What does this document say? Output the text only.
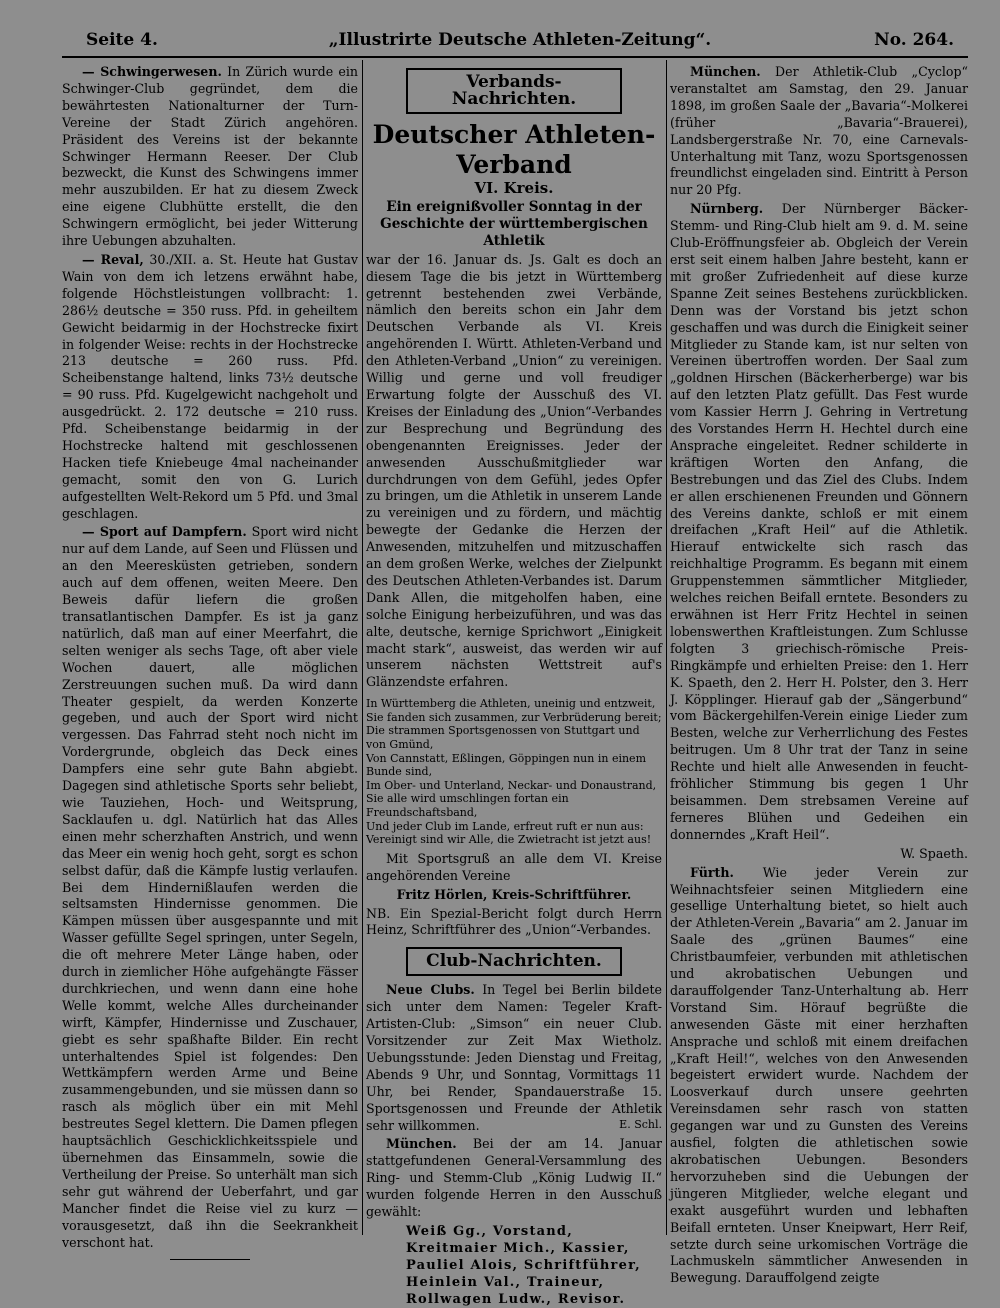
Seite 4.	„Illustrirte Deutsche Athleten-Zeitung“.	No. 264.

— Schwingerwesen. In Zürich wurde ein Schwinger-Club gegründet, dem die bewährtesten Nationalturner der Turn-Vereine der Stadt Zürich angehören. Präsident des Vereins ist der bekannte Schwinger Hermann Reeser. Der Club bezweckt, die Kunst des Schwingens immer mehr auszubilden. Er hat zu diesem Zweck eine eigene Clubhütte erstellt, die den Schwingern ermöglicht, bei jeder Witterung ihre Uebungen abzuhalten.

— Reval, 30./XII. a. St. Heute hat Gustav Wain von dem ich letzens erwähnt habe, folgende Höchstleistungen vollbracht: 1. 286½ deutsche = 350 russ. Pfd. in geheiltem Gewicht beidarmig in der Hochstrecke fixirt in folgender Weise: rechts in der Hochstrecke 213 deutsche = 260 russ. Pfd. Scheibenstange haltend, links 73½ deutsche = 90 russ. Pfd. Kugelgewicht nachgeholt und ausgedrückt. 2. 172 deutsche = 210 russ. Pfd. Scheibenstange beidarmig in der Hochstrecke haltend mit geschlossenen Hacken tiefe Kniebeuge 4mal nacheinander gemacht, somit den von G. Lurich aufgestellten Welt-Rekord um 5 Pfd. und 3mal geschlagen.

— Sport auf Dampfern. Sport wird nicht nur auf dem Lande, auf Seen und Flüssen und an den Meeresküsten getrieben, sondern auch auf dem offenen, weiten Meere. Den Beweis dafür liefern die großen transatlantischen Dampfer. Es ist ja ganz natürlich, daß man auf einer Meerfahrt, die selten weniger als sechs Tage, oft aber viele Wochen dauert, alle möglichen Zerstreuungen suchen muß. Da wird dann Theater gespielt, da werden Konzerte gegeben, und auch der Sport wird nicht vergessen. Das Fahrrad steht noch nicht im Vordergrunde, obgleich das Deck eines Dampfers eine sehr gute Bahn abgiebt. Dagegen sind athletische Sports sehr beliebt, wie Tauziehen, Hoch- und Weitsprung, Sacklaufen u. dgl. Natürlich hat das Alles einen mehr scherzhaften Anstrich, und wenn das Meer ein wenig hoch geht, sorgt es schon selbst dafür, daß die Kämpfe lustig verlaufen. Bei dem Hindernißlaufen werden die seltsamsten Hindernisse genommen. Die Kämpen müssen über ausgespannte und mit Wasser gefüllte Segel springen, unter Segeln, die oft mehrere Meter Länge haben, oder durch in ziemlicher Höhe aufgehängte Fässer durchkriechen, und wenn dann eine hohe Welle kommt, welche Alles durcheinander wirft, Kämpfer, Hindernisse und Zuschauer, giebt es sehr spaßhafte Bilder. Ein recht unterhaltendes Spiel ist folgendes: Den Wettkämpfern werden Arme und Beine zusammengebunden, und sie müssen dann so rasch als möglich über ein mit Mehl bestreutes Segel klettern. Die Damen pflegen hauptsächlich Geschicklichkeitsspiele und übernehmen das Einsammeln, sowie die Vertheilung der Preise. So unterhält man sich sehr gut während der Ueberfahrt, und gar Mancher findet die Reise viel zu kurz — vorausgesetzt, daß ihn die Seekrankheit verschont hat.

Verbands-Nachrichten.
Deutscher Athleten-Verband
VI. Kreis.
Ein ereignißvoller Sonntag in der Geschichte der württembergischen Athletik

war der 16. Januar ds. Js. Galt es doch an diesem Tage die bis jetzt in Württemberg getrennt bestehenden zwei Verbände, nämlich den bereits schon ein Jahr dem Deutschen Verbande als VI. Kreis angehörenden I. Württ. Athleten-Verband und den Athleten-Verband „Union“ zu vereinigen. Willig und gerne und voll freudiger Erwartung folgte der Ausschuß des VI. Kreises der Einladung des „Union“-Verbandes zur Besprechung und Begründung des obengenannten Ereignisses. Jeder der anwesenden Ausschußmitglieder war durchdrungen von dem Gefühl, jedes Opfer zu bringen, um die Athletik in unserem Lande zu vereinigen und zu fördern, und mächtig bewegte der Gedanke die Herzen der Anwesenden, mitzuhelfen und mitzuschaffen an dem großen Werke, welches der Zielpunkt des Deutschen Athleten-Verbandes ist. Darum Dank Allen, die mitgeholfen haben, eine solche Einigung herbeizuführen, und was das alte, deutsche, kernige Sprichwort „Einigkeit macht stark“, ausweist, das werden wir auf unserem nächsten Wettstreit auf's Glänzendste erfahren.

In Württemberg die Athleten, uneinig und entzweit,
Sie fanden sich zusammen, zur Verbrüderung bereit;
Die strammen Sportsgenossen von Stuttgart und von Gmünd,
Von Cannstatt, Eßlingen, Göppingen nun in einem Bunde sind,
Im Ober- und Unterland, Neckar- und Donaustrand,
Sie alle wird umschlingen fortan ein Freundschaftsband,
Und jeder Club im Lande, erfreut ruft er nun aus:
Vereinigt sind wir Alle, die Zwietracht ist jetzt aus!

Mit Sportsgruß an alle dem VI. Kreise angehörenden Vereine

Fritz Hörlen, Kreis-Schriftführer.

NB. Ein Spezial-Bericht folgt durch Herrn Heinz, Schriftführer des „Union“-Verbandes.

Club-Nachrichten.

Neue Clubs. In Tegel bei Berlin bildete sich unter dem Namen: Tegeler Kraft-Artisten-Club: „Simson“ ein neuer Club. Vorsitzender zur Zeit Max Wietholz. Uebungsstunde: Jeden Dienstag und Freitag, Abends 9 Uhr, und Sonntag, Vormittags 11 Uhr, bei Render, Spandauerstraße 15. Sportsgenossen und Freunde der Athletik sehr willkommen.	E. Schl.

München. Bei der am 14. Januar stattgefundenen General-Versammlung des Ring- und Stemm-Club „König Ludwig II.“ wurden folgende Herren in den Ausschuß gewählt:

Weiß Gg., Vorstand,

Kreitmaier Mich., Kassier,

Pauliel Alois, Schriftführer,

Heinlein Val., Traineur,

Rollwagen Ludw., Revisor.

München. Der Athletik-Club „Cyclop“ veranstaltet am Samstag, den 29. Januar 1898, im großen Saale der „Bavaria“-Molkerei (früher „Bavaria“-Brauerei), Landsbergerstraße Nr. 70, eine Carnevals-Unterhaltung mit Tanz, wozu Sportsgenossen freundlichst eingeladen sind. Eintritt à Person nur 20 Pfg.

Nürnberg. Der Nürnberger Bäcker-Stemm- und Ring-Club hielt am 9. d. M. seine Club-Eröffnungsfeier ab. Obgleich der Verein erst seit einem halben Jahre besteht, kann er mit großer Zufriedenheit auf diese kurze Spanne Zeit seines Bestehens zurückblicken. Denn was der Vorstand bis jetzt schon geschaffen und was durch die Einigkeit seiner Mitglieder zu Stande kam, ist nur selten von Vereinen übertroffen worden. Der Saal zum „goldnen Hirschen (Bäckerherberge) war bis auf den letzten Platz gefüllt. Das Fest wurde vom Kassier Herrn J. Gehring in Vertretung des Vorstandes Herrn H. Hechtel durch eine Ansprache eingeleitet. Redner schilderte in kräftigen Worten den Anfang, die Bestrebungen und das Ziel des Clubs. Indem er allen erschienenen Freunden und Gönnern des Vereins dankte, schloß er mit einem dreifachen „Kraft Heil“ auf die Athletik. Hierauf entwickelte sich rasch das reichhaltige Programm. Es begann mit einem Gruppenstemmen sämmtlicher Mitglieder, welches reichen Beifall erntete. Besonders zu erwähnen ist Herr Fritz Hechtel in seinen lobenswerthen Kraftleistungen. Zum Schlusse folgten 3 griechisch-römische Preis-Ringkämpfe und erhielten Preise: den 1. Herr K. Spaeth, den 2. Herr H. Polster, den 3. Herr J. Köpplinger. Hierauf gab der „Sängerbund“ vom Bäckergehilfen-Verein einige Lieder zum Besten, welche zur Verherrlichung des Festes beitrugen. Um 8 Uhr trat der Tanz in seine Rechte und hielt alle Anwesenden in feucht-fröhlicher Stimmung bis gegen 1 Uhr beisammen. Dem strebsamen Vereine auf ferneres Blühen und Gedeihen ein donnerndes „Kraft Heil“.

W. Spaeth.

Fürth. Wie jeder Verein zur Weihnachtsfeier seinen Mitgliedern eine gesellige Unterhaltung bietet, so hielt auch der Athleten-Verein „Bavaria“ am 2. Januar im Saale des „grünen Baumes“ eine Christbaumfeier, verbunden mit athletischen und akrobatischen Uebungen und darauffolgender Tanz-Unterhaltung ab. Herr Vorstand Sim. Hörauf begrüßte die anwesenden Gäste mit einer herzhaften Ansprache und schloß mit einem dreifachen „Kraft Heil!“, welches von den Anwesenden begeistert erwidert wurde. Nachdem der Loosverkauf durch unsere geehrten Vereinsdamen sehr rasch von statten gegangen war und zu Gunsten des Vereins ausfiel, folgten die athletischen sowie akrobatischen Uebungen. Besonders hervorzuheben sind die Uebungen der jüngeren Mitglieder, welche elegant und exakt ausgeführt wurden und lebhaften Beifall ernteten. Unser Kneipwart, Herr Reif, setzte durch seine urkomischen Vorträge die Lachmuskeln sämmtlicher Anwesenden in Bewegung. Darauffolgend zeigte
